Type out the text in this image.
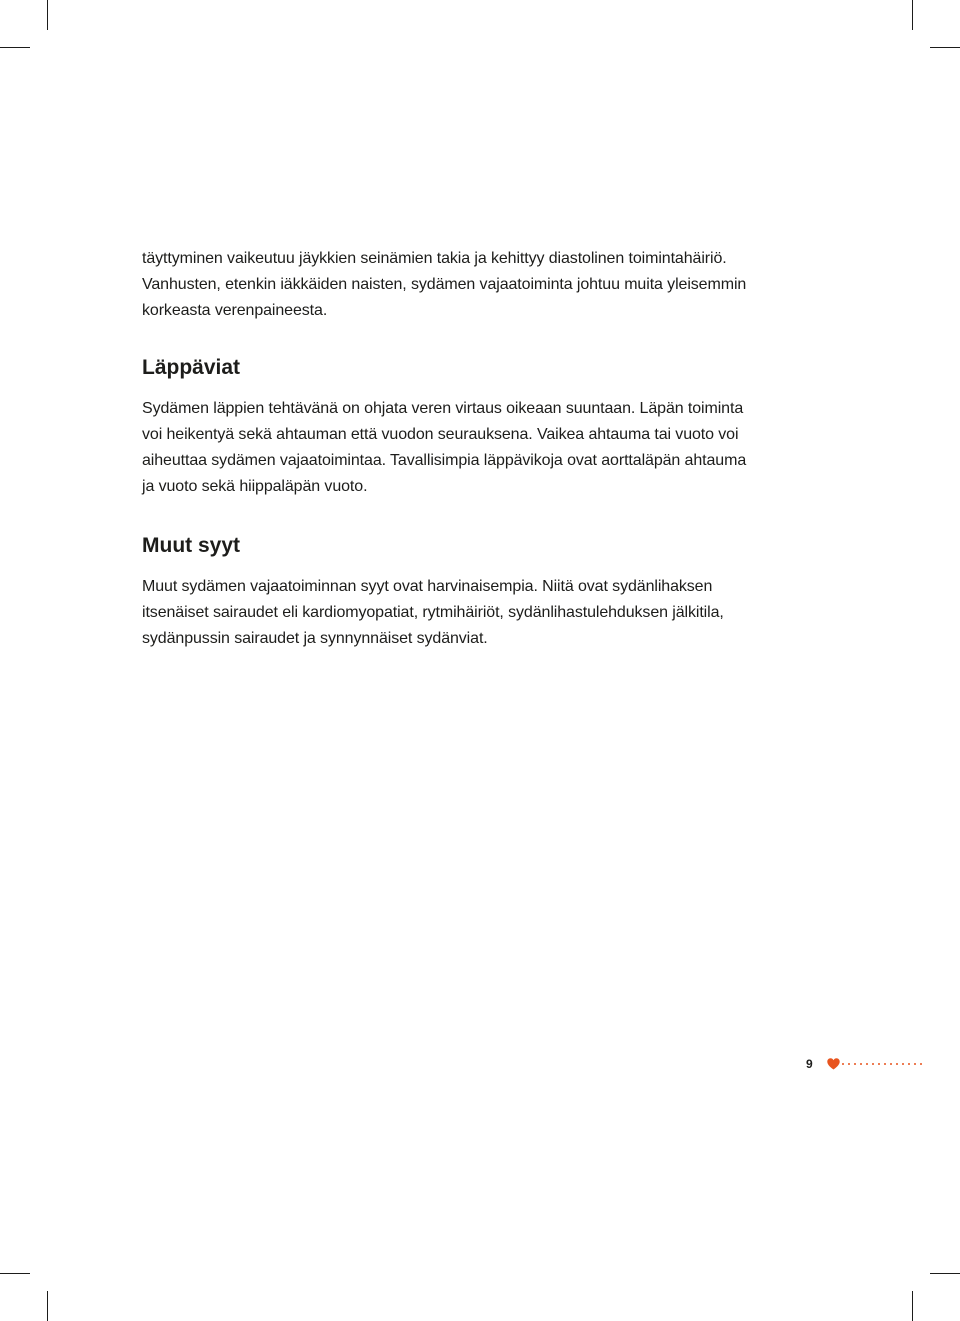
täyttyminen vaikeutuu jäykkien seinämien takia ja kehittyy diastolinen toimintahäiriö. Vanhusten, etenkin iäkkäiden naisten, sydämen vajaatoiminta johtuu muita yleisemmin korkeasta verenpaineesta.

Läppäviat

Sydämen läppien tehtävänä on ohjata veren virtaus oikeaan suuntaan. Läpän toiminta voi heikentyä sekä ahtauman että vuodon seurauksena. Vaikea ahtauma tai vuoto voi aiheuttaa sydämen vajaatoimintaa. Tavallisimpia läppävikoja ovat aorttaläpän ahtauma ja vuoto sekä hiippaläpän vuoto.

Muut syyt

Muut sydämen vajaatoiminnan syyt ovat harvinaisempia. Niitä ovat sydänlihaksen itsenäiset sairaudet eli kardiomyopatiat, rytmihäiriöt, sydänlihastulehduksen jälkitila, sydänpussin sairaudet ja synnynnäiset sydänviat.

9
